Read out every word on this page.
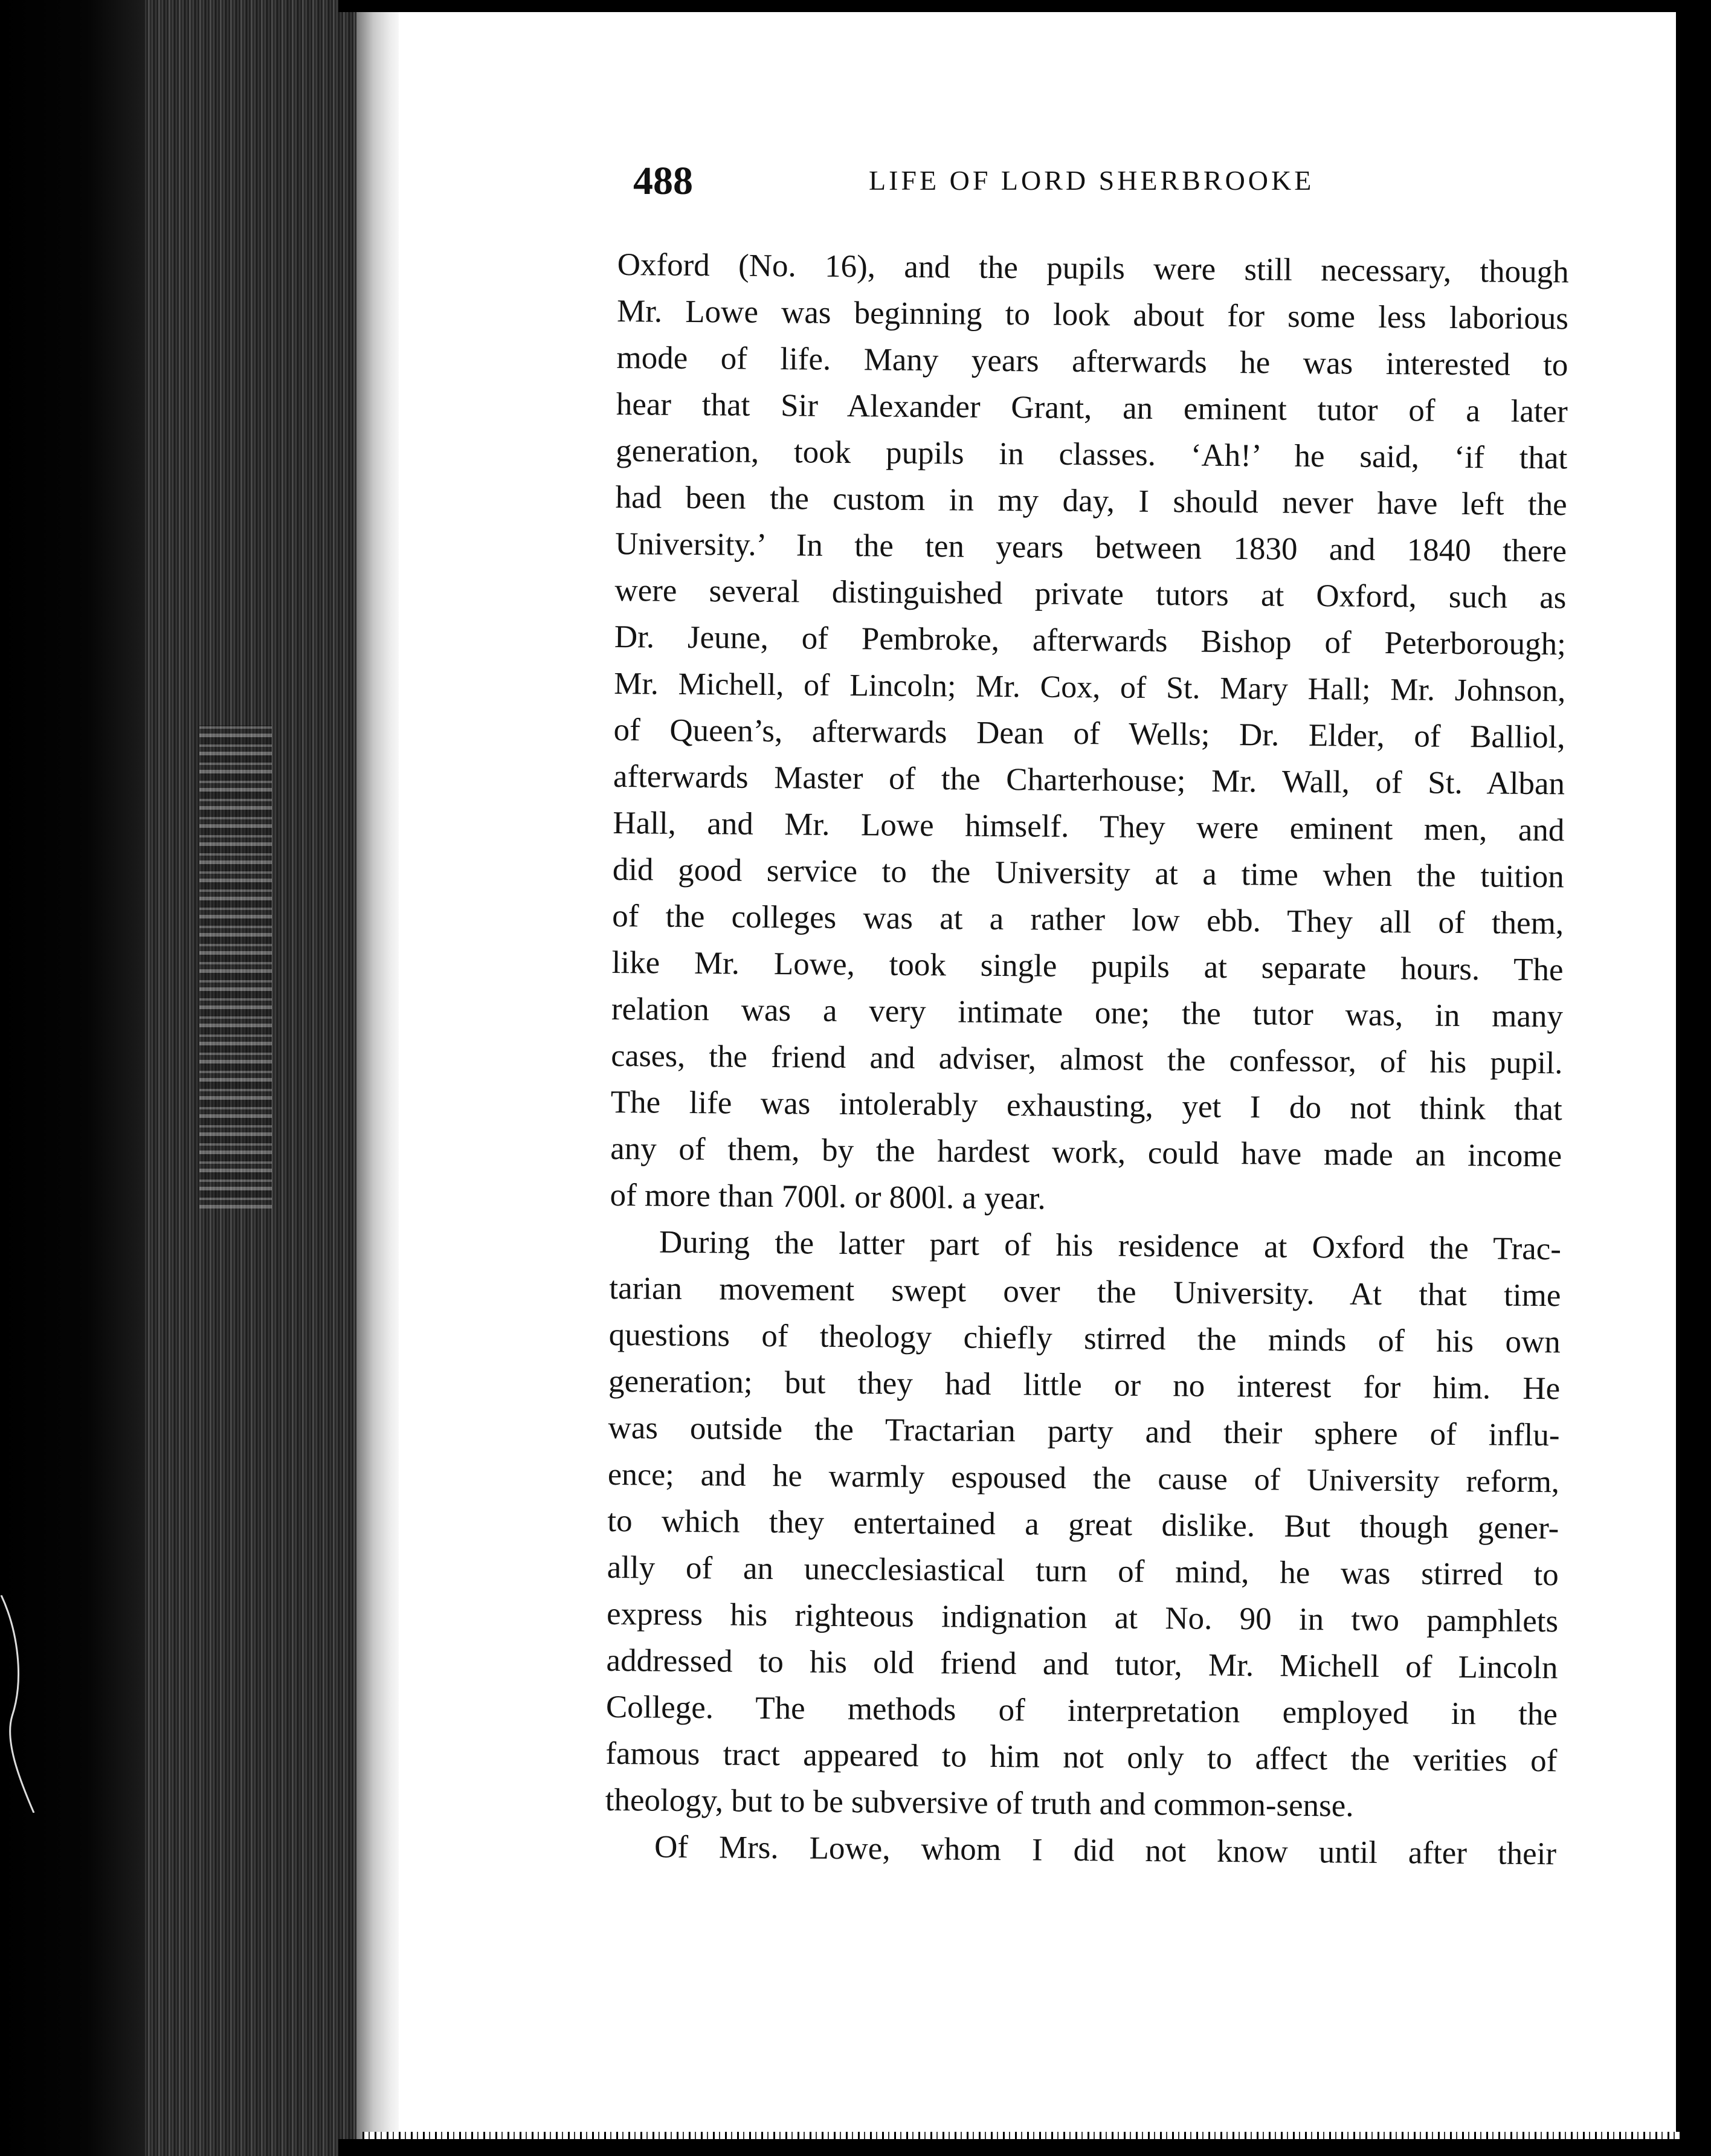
488	LIFE OF LORD SHERBROOKE
Oxford (No. 16), and the pupils were still necessary, though
Mr. Lowe was beginning to look about for some less laborious
mode of life. Many years afterwards he was interested to
hear that Sir Alexander Grant, an eminent tutor of a later
generation, took pupils in classes. ‘Ah!’ he said, ‘if that
had been the custom in my day, I should never have left the
University.’ In the ten years between 1830 and 1840 there
were several distinguished private tutors at Oxford, such as
Dr. Jeune, of Pembroke, afterwards Bishop of Peterborough;
Mr. Michell, of Lincoln; Mr. Cox, of St. Mary Hall; Mr. Johnson,
of Queen’s, afterwards Dean of Wells; Dr. Elder, of Balliol,
afterwards Master of the Charterhouse; Mr. Wall, of St. Alban
Hall, and Mr. Lowe himself. They were eminent men, and
did good service to the University at a time when the tuition
of the colleges was at a rather low ebb. They all of them,
like Mr. Lowe, took single pupils at separate hours. The
relation was a very intimate one; the tutor was, in many
cases, the friend and adviser, almost the confessor, of his pupil.
The life was intolerably exhausting, yet I do not think that
any of them, by the hardest work, could have made an income
of more than 700l. or 800l. a year.
During the latter part of his residence at Oxford the Trac-
tarian movement swept over the University. At that time
questions of theology chiefly stirred the minds of his own
generation; but they had little or no interest for him. He
was outside the Tractarian party and their sphere of influ-
ence; and he warmly espoused the cause of University reform,
to which they entertained a great dislike. But though gener-
ally of an unecclesiastical turn of mind, he was stirred to
express his righteous indignation at No. 90 in two pamphlets
addressed to his old friend and tutor, Mr. Michell of Lincoln
College. The methods of interpretation employed in the
famous tract appeared to him not only to affect the verities of
theology, but to be subversive of truth and common-sense.
Of Mrs. Lowe, whom I did not know until after their
